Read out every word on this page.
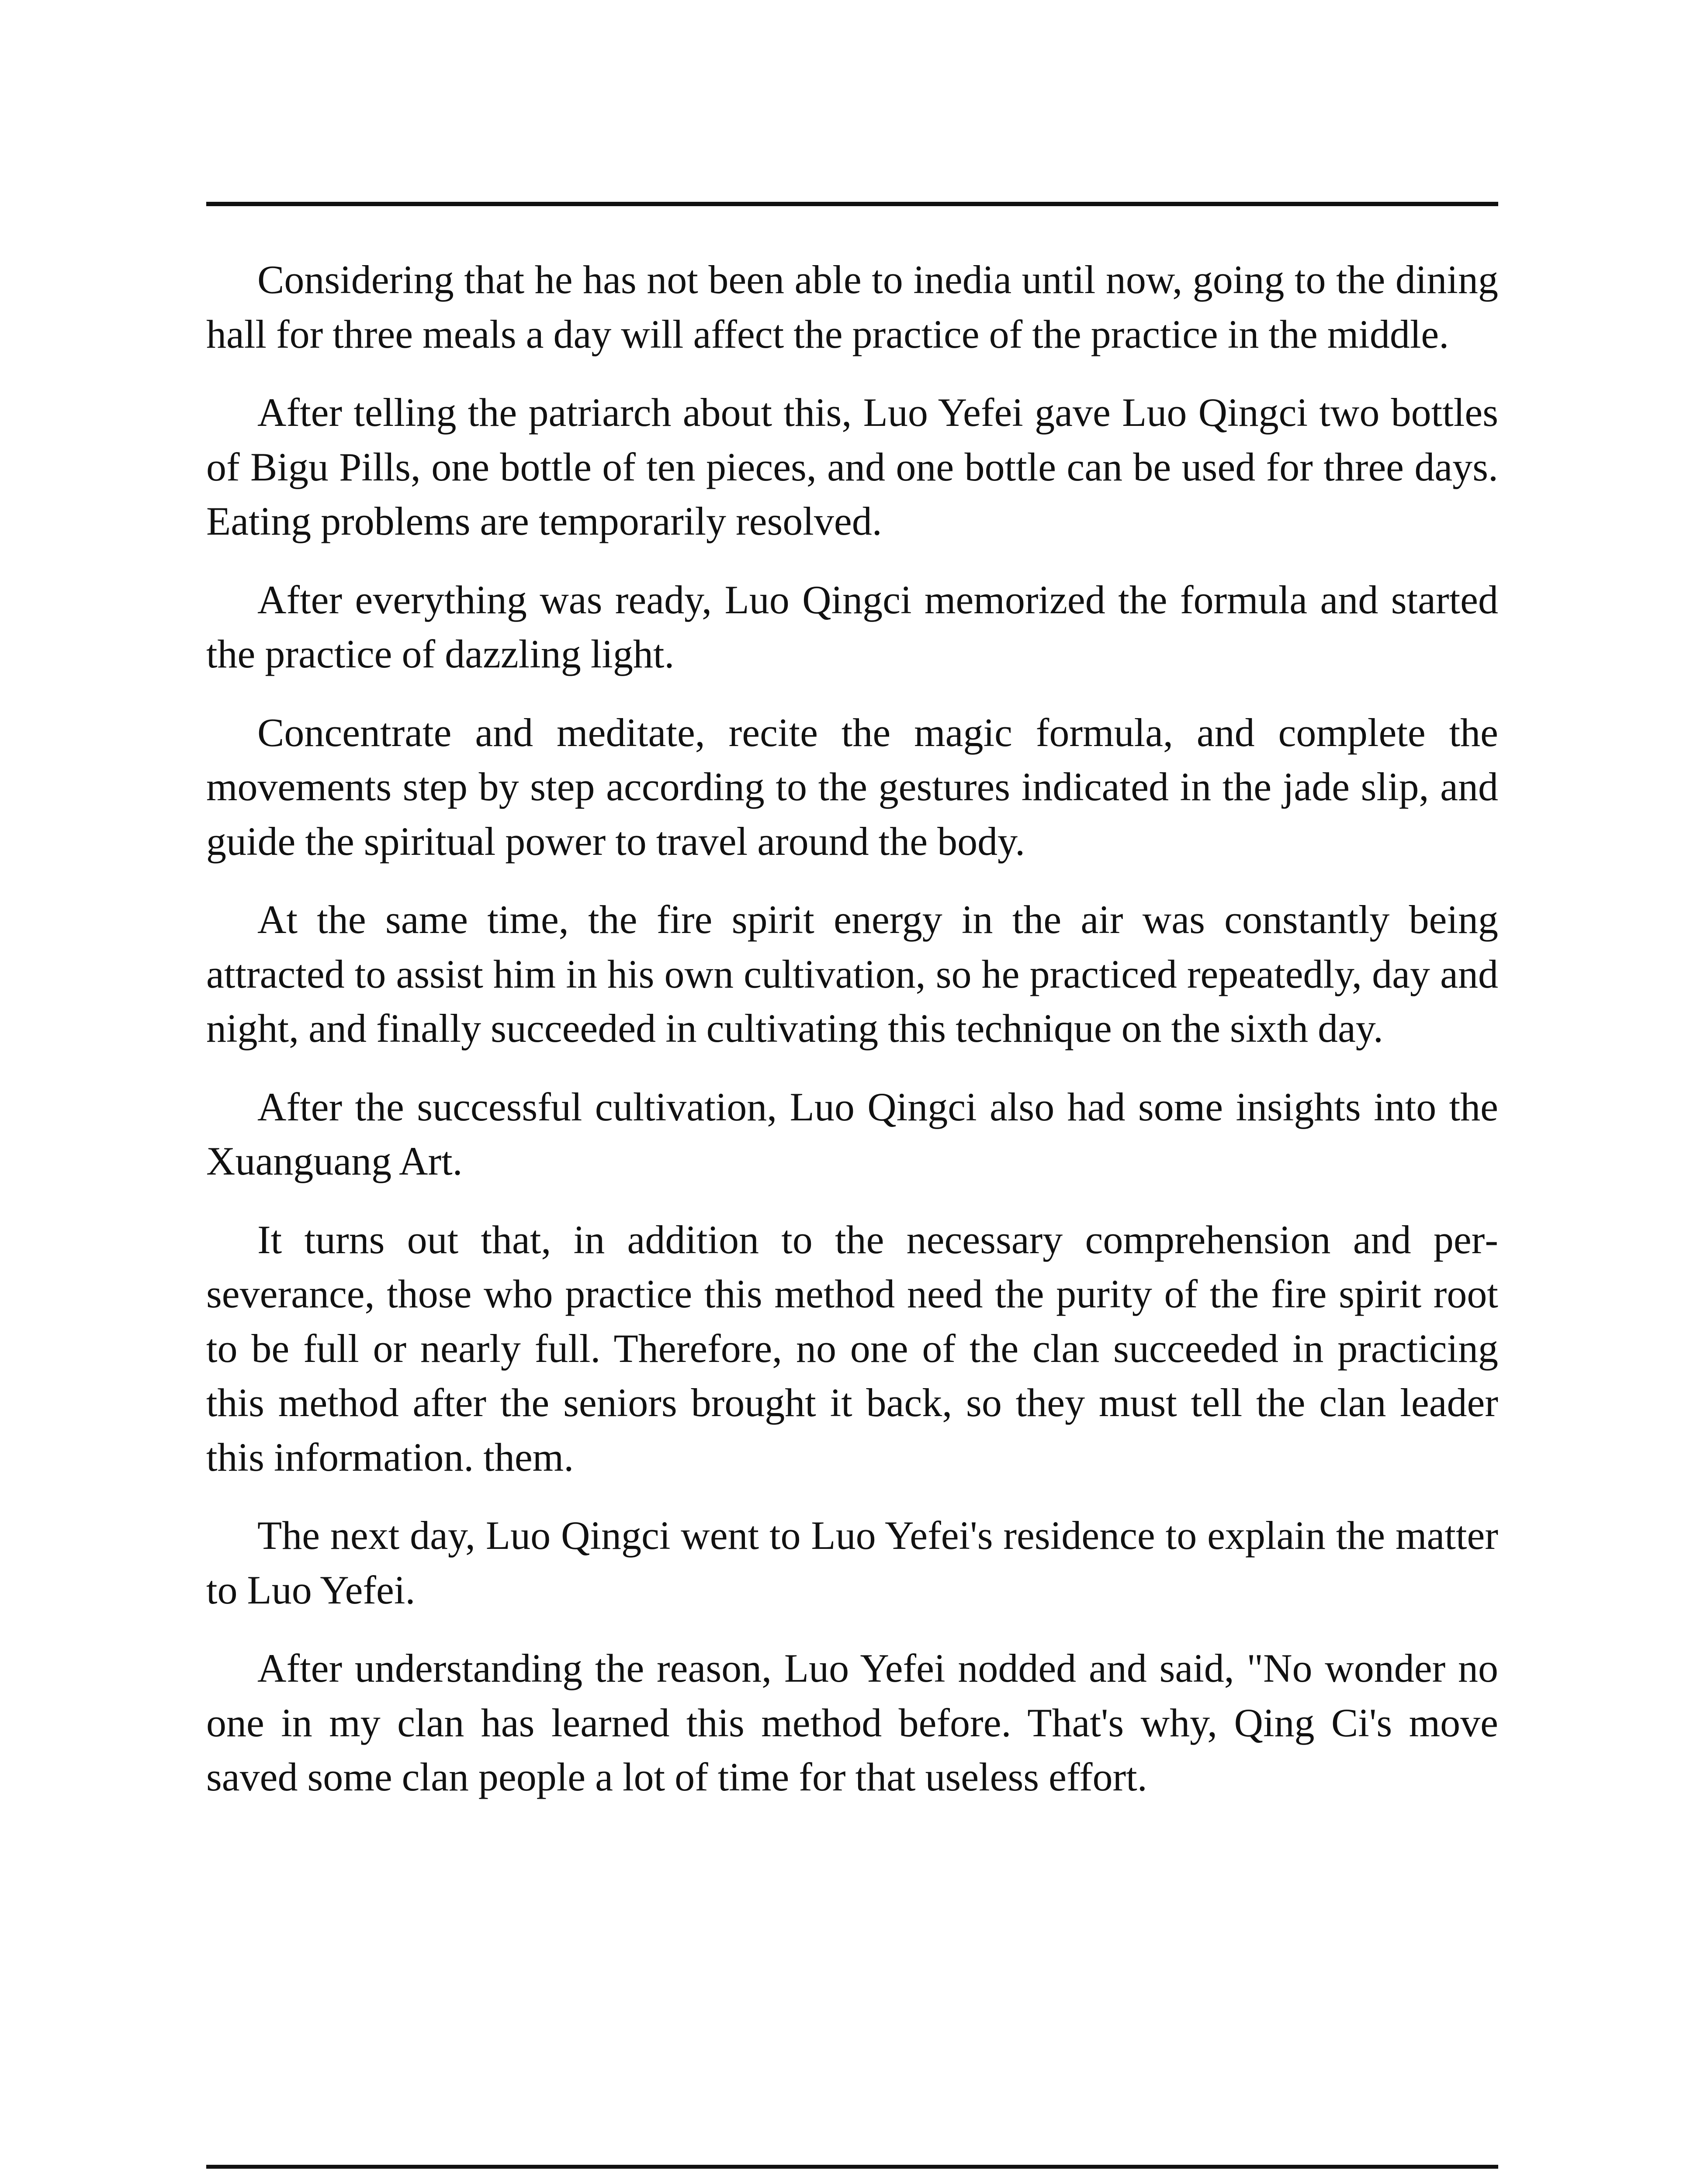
Considering that he has not been able to inedia until now, going to the dining hall for three meals a day will affect the practice of the practice in the middle.

After telling the patriarch about this, Luo Yefei gave Luo Qingci two bottles of Bigu Pills, one bottle of ten pieces, and one bottle can be used for three days. Eating problems are temporarily resolved.

After everything was ready, Luo Qingci memorized the formula and started the practice of dazzling light.

Concentrate and meditate, recite the magic formula, and complete the movements step by step according to the gestures indicated in the jade slip, and guide the spiritual power to travel around the body.

At the same time, the fire spirit energy in the air was constantly being attracted to assist him in his own cultivation, so he practiced repeatedly, day and night, and finally succeeded in cultivating this technique on the sixth day.

After the successful cultivation, Luo Qingci also had some insights into the Xuanguang Art.

It turns out that, in addition to the necessary comprehension and perseverance, those who practice this method need the purity of the fire spirit root to be full or nearly full. Therefore, no one of the clan succeeded in practicing this method after the seniors brought it back, so they must tell the clan leader this information. them.

The next day, Luo Qingci went to Luo Yefei's residence to explain the matter to Luo Yefei.

After understanding the reason, Luo Yefei nodded and said, "No wonder no one in my clan has learned this method before. That's why, Qing Ci's move saved some clan people a lot of time for that useless effort.
